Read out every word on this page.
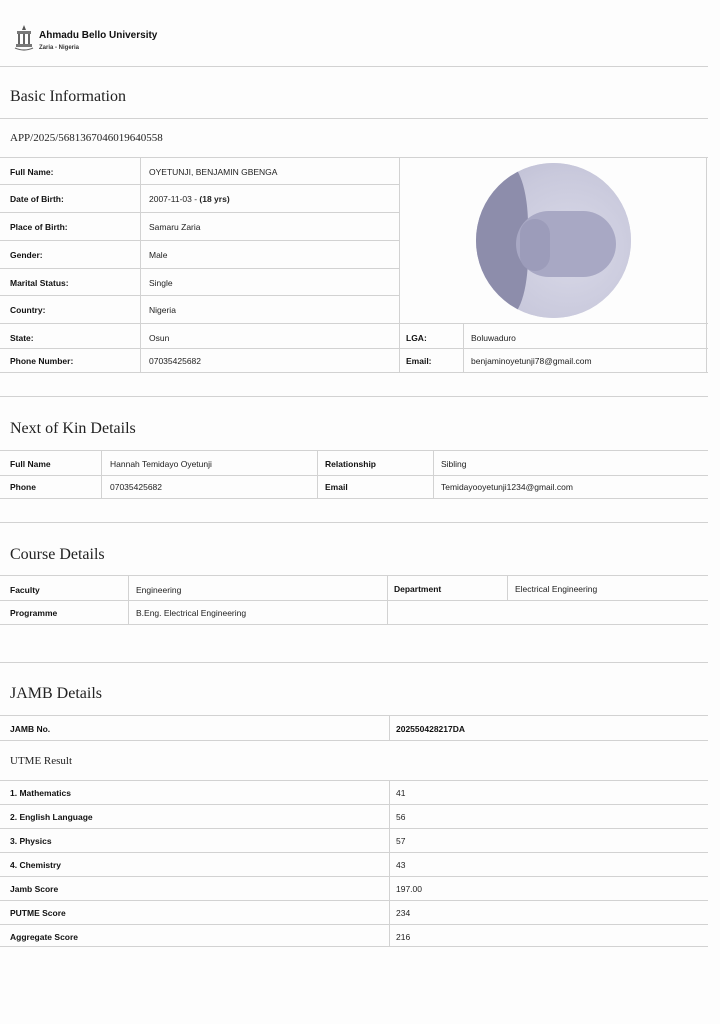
Ahmadu Bello University
Zaria - Nigeria
Basic Information
APP/2025/5681367046019640558
Full Name:	OYETUNJI, BENJAMIN GBENGA
Date of Birth:	2007-11-03 - (18 yrs)
Place of Birth:	Samaru Zaria
Gender:	Male
Marital Status:	Single
Country:	Nigeria
State:	Osun	LGA:	Boluwaduro
Phone Number:	07035425682	Email:	benjaminoyetunji78@gmail.com
Next of Kin Details
Full Name	Hannah Temidayo Oyetunji	Relationship	Sibling
Phone	07035425682	Email	Temidayooyetunji1234@gmail.com
Course Details
Faculty	Engineering	Department	Electrical Engineering
Programme	B.Eng. Electrical Engineering
JAMB Details
JAMB No.	202550428217DA
UTME Result
1. Mathematics	41
2. English Language	56
3. Physics	57
4. Chemistry	43
Jamb Score	197.00
PUTME Score	234
Aggregate Score	216
